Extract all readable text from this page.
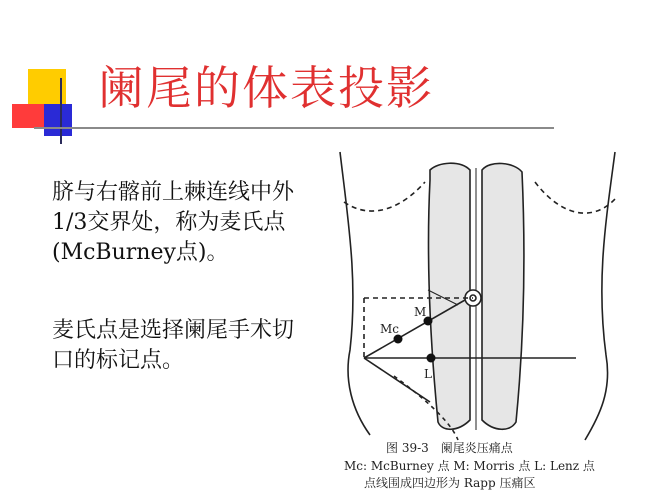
阑尾的体表投影

脐与右髂前上棘连线中外1/3交界处，称为麦氏点(McBurney点)。

麦氏点是选择阑尾手术切口的标记点。

M
Mc
L
图 39-3　阑尾炎压痛点
Mc: McBurney 点 M: Morris 点 L: Lenz 点
点线围成四边形为 Rapp 压痛区
